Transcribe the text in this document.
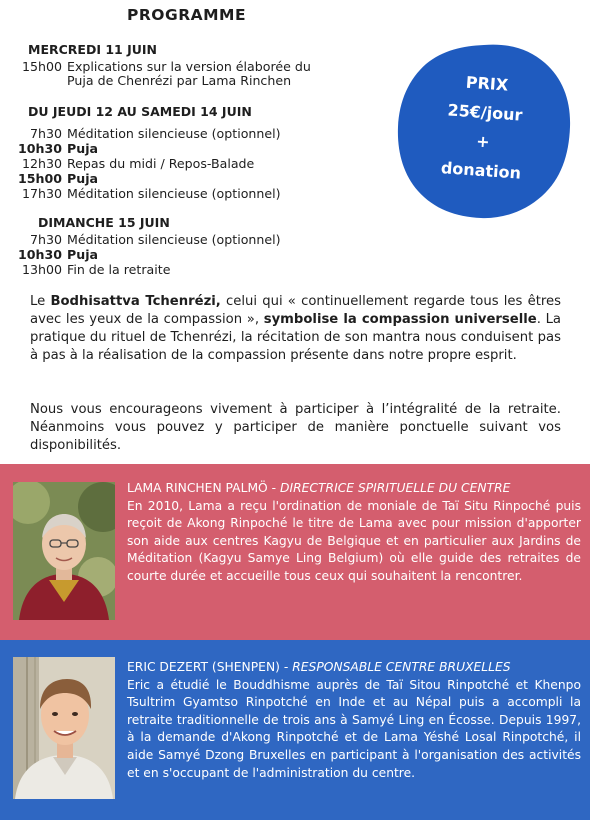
PROGRAMME
MERCREDI 11 JUIN
15h00 Explications sur la version élaborée du
Puja de Chenrézi par Lama Rinchen
DU JEUDI 12 AU SAMEDI 14 JUIN
7h30 Méditation silencieuse (optionnel)
10h30 Puja
12h30 Repas du midi / Repos-Balade
15h00 Puja
17h30 Méditation silencieuse (optionnel)
DIMANCHE 15 JUIN
7h30 Méditation silencieuse (optionnel)
10h30 Puja
13h00 Fin de la retraite
PRIX
25€/jour
+
donation

Le Bodhisattva Tchenrézi, celui qui « continuellement regarde tous les êtres avec les yeux de la compassion », symbolise la compassion universelle. La pratique du rituel de Tchenrézi, la récitation de son mantra nous conduisent pas à pas à la réalisation de la compassion présente dans notre propre esprit.

Nous vous encourageons vivement à participer à l’intégralité de la retraite. Néanmoins vous pouvez y participer de manière ponctuelle suivant vos disponibilités.

LAMA RINCHEN PALMÖ - DIRECTRICE SPIRITUELLE DU CENTRE
En 2010, Lama a reçu l'ordination de moniale de Taï Situ Rinpoché puis reçoit de Akong Rinpoché le titre de Lama avec pour mission d'apporter son aide aux centres Kagyu de Belgique et en particulier aux Jardins de Méditation (Kagyu Samye Ling Belgium) où elle guide des retraites de courte durée et accueille tous ceux qui souhaitent la rencontrer.
ERIC DEZERT (SHENPEN) - RESPONSABLE CENTRE BRUXELLES
Eric a étudié le Bouddhisme auprès de Taï Sitou Rinpotché et Khenpo Tsultrim Gyamtso Rinpotché en Inde et au Népal puis a accompli la retraite traditionnelle de trois ans à Samyé Ling en Écosse. Depuis 1997, à la demande d'Akong Rinpotché et de Lama Yéshé Losal Rinpotché, il aide Samyé Dzong Bruxelles en participant à l'organisation des activités et en s'occupant de l'administration du centre.
